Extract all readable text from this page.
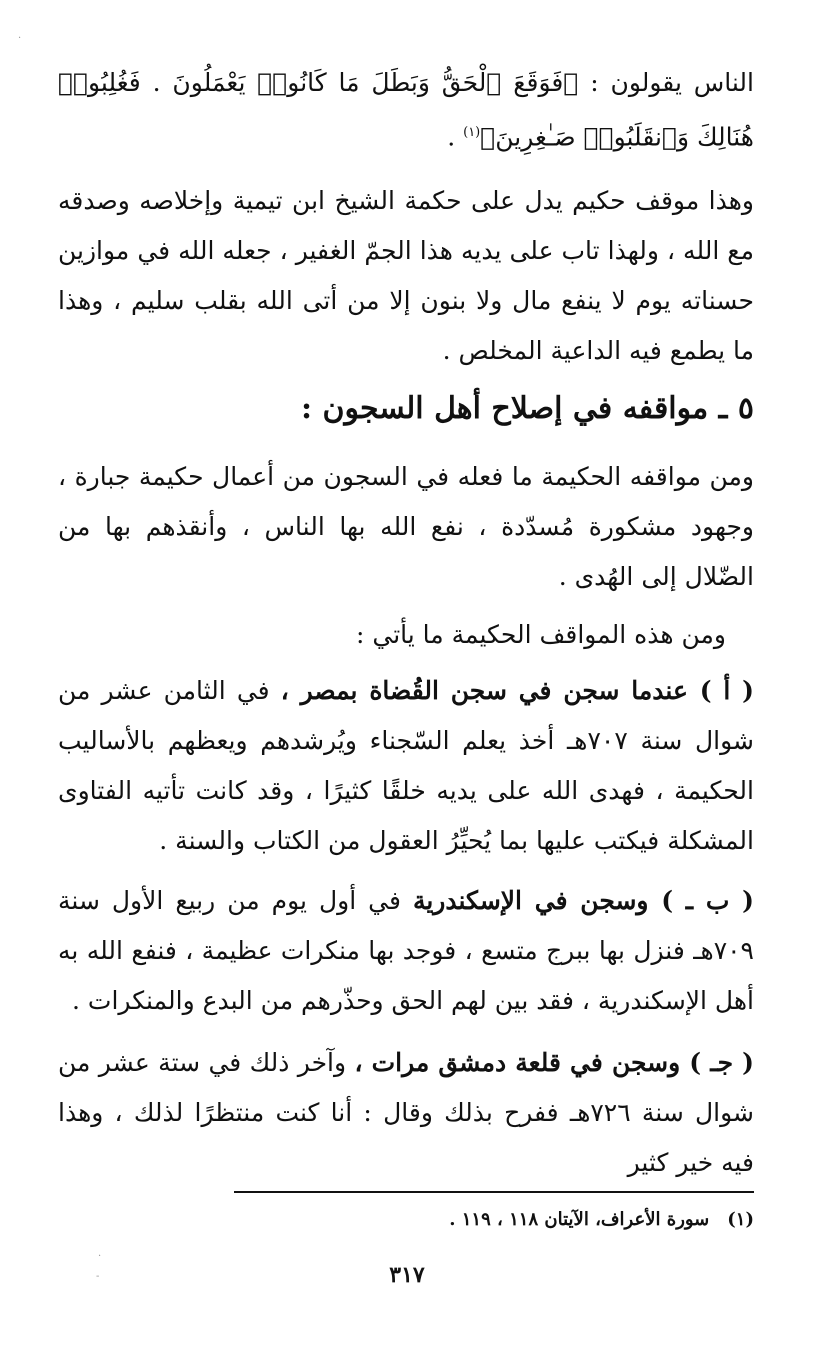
الناس يقولون : ﴿فَوَقَعَ ٱلْحَقُّ وَبَطَلَ مَا كَانُوا۟ يَعْمَلُونَ . فَغُلِبُوا۟ هُنَالِكَ وَٱنقَلَبُوا۟ صَـٰغِرِينَ﴾$^{(١)}$ .

وهذا موقف حكيم يدل على حكمة الشيخ ابن تيمية وإخلاصه وصدقه مع الله ، ولهذا تاب على يديه هذا الجمّ الغفير ، جعله الله في موازين حسناته يوم لا ينفع مال ولا بنون إلا من أتى الله بقلب سليم ، وهذا ما يطمع فيه الداعية المخلص .

٥ ـ مواقفه في إصلاح أهل السجون :

ومن مواقفه الحكيمة ما فعله في السجون من أعمال حكيمة جبارة ، وجهود مشكورة مُسدّدة ، نفع الله بها الناس ، وأنقذهم بها من الضّلال إلى الهُدى .

ومن هذه المواقف الحكيمة ما يأتي :

( أ ) عندما سجن في سجن القُضاة بمصر ، في الثامن عشر من شوال سنة ٧٠٧هـ أخذ يعلم السّجناء ويُرشدهم ويعظهم بالأساليب الحكيمة ، فهدى الله على يديه خلقًا كثيرًا ، وقد كانت تأتيه الفتاوى المشكلة فيكتب عليها بما يُحيِّرُ العقول من الكتاب والسنة .

( ب ـ ) وسجن في الإسكندرية في أول يوم من ربيع الأول سنة ٧٠٩هـ فنزل بها ببرج متسع ، فوجد بها منكرات عظيمة ، فنفع الله به أهل الإسكندرية ، فقد بين لهم الحق وحذّرهم من البدع والمنكرات .

( جـ ) وسجن في قلعة دمشق مرات ، وآخر ذلك في ستة عشر من شوال سنة ٧٢٦هـ ففرح بذلك وقال : أنا كنت منتظرًا لذلك ، وهذا فيه خير كثير

(١)سورة الأعراف، الآيتان ١١٨ ، ١١٩ .

٣١٧
·
·
‑
